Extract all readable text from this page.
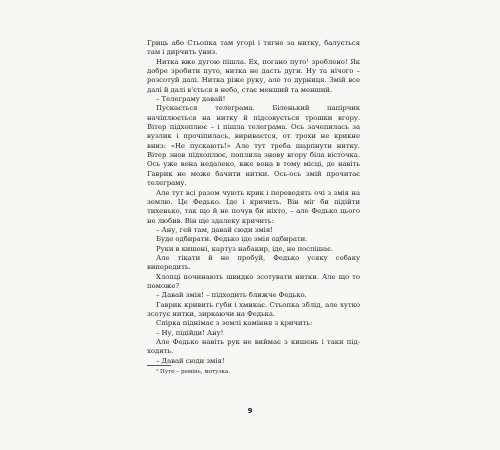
Гриць або Стьопка там угорі і тягне за нитку, балується там і дирчить униз.

Нитка вже дугою пішла. Ех, погано путо¹ зроблено! Як добре зробити путо, нитка не дасть дуги. Ну та нічого – розсотуй далі. Нитка ріже руку, але то дурниця. Змій все далі й далі в'ється в небо, стає менший та менший.

– Телеграму давай!

Пускається телеграма. Біленький папірчик начіплюється на нитку й підсовується трошки вгору. Вітер підхоплює – і пішла телеграма. Ось зачепилась за вузлик і прочіпилась, вириваєтся, от трохи не крикне вниз: «Не пускають!» Але тут треба шарпнути нитку. Вітер знов підхоплює, поплила знову вгору біла вісточка. Ось уже вона недалеко, вже вона в тому місці, де навіть Гаврик не може бачити нитки. Ось-ось змій прочитає телеграму.

Але тут всі разом чують крик і переводять очі з змія на землю. Це Федько. Іде і кричить. Він міг би підійти тихенько, так що й не почув би ніхто, – але Федько цього не любив. Він ще здалеку кричить:

– Ану, гей там, давай сюди змія!

Буде одбирати. Федько іде змія одбирати.

Руки в кишені, картуз набакир, іде, не поспішає.

Але тікати й не пробуй, Федько усяку собаку випередить.

Хлопці починають швидко зсотувати нитки. Але що то поможе?

– Давай змія! – підходить ближче Федько.

Гаврик кривить губи і хмикає. Стьопка зблід, але хутко зсотує нитки, зиркаючи на Федька.

Спірка піднімає з землі каміння з кричить:

– Ну, підійди! Ану!

Але Федько навіть рук не виймає з кишень і таки підходить.

– Давай сюди змія!

¹ Путо – ремінь, мотузка.
9
